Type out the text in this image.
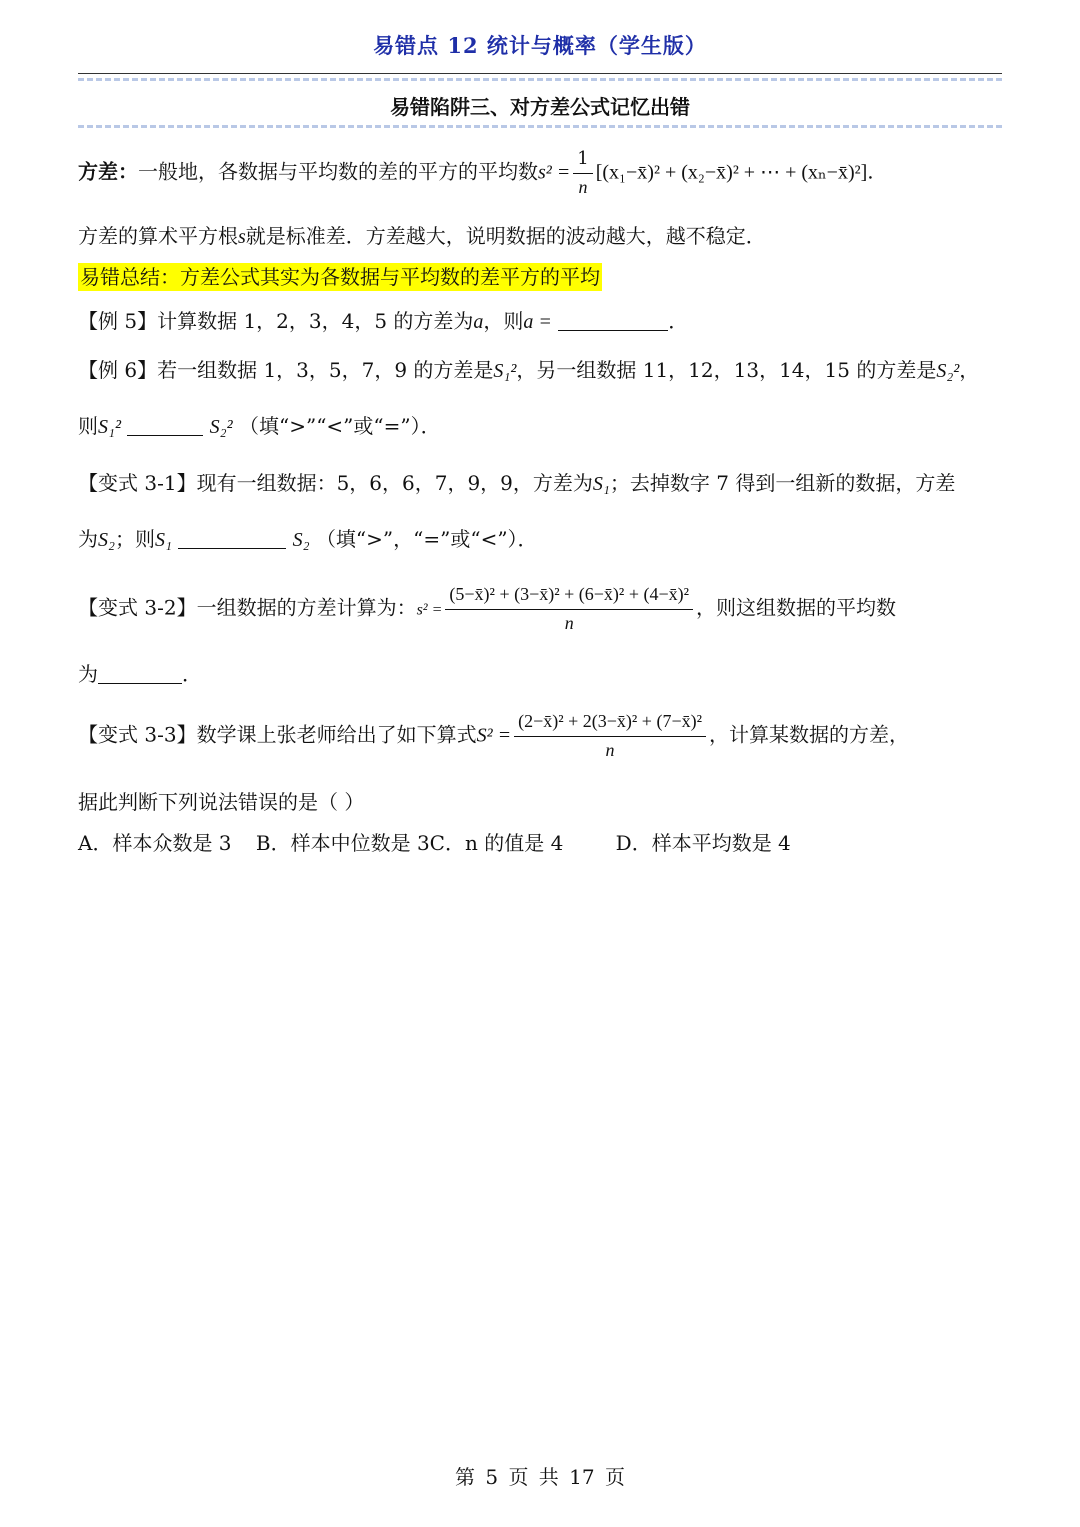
易错点 12 统计与概率（学生版）
易错陷阱三、对方差公式记忆出错
方差：一般地，各数据与平均数的差的平方的平均数$s^2 = \frac{1}{n}$ [(x₁−x̄)² + (x₂−x̄)² + ⋯ + (xₙ−x̄)²].
方差的算术平方根s就是标准差．方差越大，说明数据的波动越大，越不稳定．
易错总结：方差公式其实为各数据与平均数的差平方的平均
【例 5】计算数据 1，2，3，4，5 的方差为a，则a =	．
【例 6】若一组数据 1，3，5，7，9 的方差是S₁²，另一组数据 11，12，13，14，15 的方差是S₂²，
则S₁²	S₂² （填“>”“<”或“=”）．
【变式 3-1】现有一组数据：5，6，6，7，9，9，方差为S₁；去掉数字 7 得到一组新的数据，方差
为S₂；则S₁	S₂ （填“>”，“=”或“<”）．
【变式 3-2】一组数据的方差计算为：$s^2 = \frac{\text{(5−x̄)² + (3−x̄)² + (6−x̄)² + (4−x̄)²}}{n}$ ，则这组数据的平均数
为	．
【变式 3-3】数学课上张老师给出了如下算式$S^2 = \frac{\text{(2−x̄)² + 2(3−x̄)² + (7−x̄)²}}{n}$ ，计算某数据的方差，
据此判断下列说法错误的是（ ）
A．样本众数是 3 B．样本中位数是 3C．n 的值是 4	D．样本平均数是 4
第 5 页 共 17 页
